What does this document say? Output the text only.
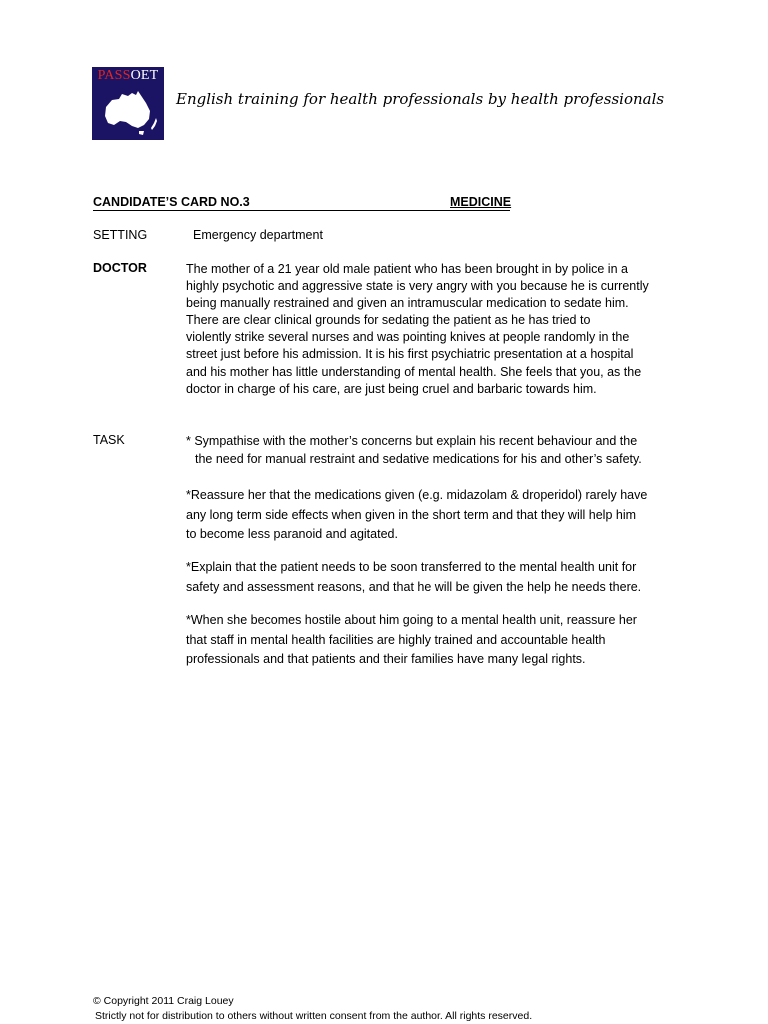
PASSOET
English training for health professionals by health professionals
CANDIDATE’S CARD NO.3	MEDICINE
SETTING	Emergency department
DOCTOR	The mother of a 21 year old male patient who has been brought in by police in a
highly psychotic and aggressive state is very angry with you because he is currently
being manually restrained and given an intramuscular medication to sedate him.
There are clear clinical grounds for sedating the patient as he has tried to
violently strike several nurses and was pointing knives at people randomly in the
street just before his admission. It is his first psychiatric presentation at a hospital
and his mother has little understanding of mental health. She feels that you, as the
doctor in charge of his care, are just being cruel and barbaric towards him.
TASK	* Sympathise with the mother’s concerns but explain his recent behaviour and the
the need for manual restraint and sedative medications for his and other’s safety.
*Reassure her that the medications given (e.g. midazolam & droperidol) rarely have
any long term side effects when given in the short term and that they will help him
to become less paranoid and agitated.
*Explain that the patient needs to be soon transferred to the mental health unit for
safety and assessment reasons, and that he will be given the help he needs there.
*When she becomes hostile about him going to a mental health unit, reassure her
that staff in mental health facilities are highly trained and accountable health
professionals and that patients and their families have many legal rights.
© Copyright 2011 Craig Louey
Strictly not for distribution to others without written consent from the author. All rights reserved.
